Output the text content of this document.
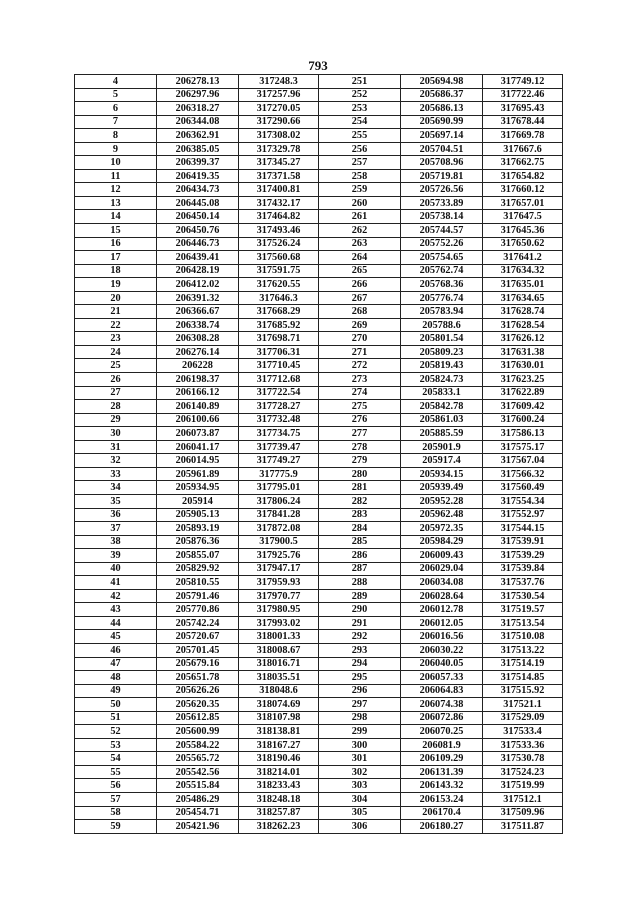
793
4	206278.13	317248.3	251	205694.98	317749.12
5	206297.96	317257.96	252	205686.37	317722.46
6	206318.27	317270.05	253	205686.13	317695.43
7	206344.08	317290.66	254	205690.99	317678.44
8	206362.91	317308.02	255	205697.14	317669.78
9	206385.05	317329.78	256	205704.51	317667.6
10	206399.37	317345.27	257	205708.96	317662.75
11	206419.35	317371.58	258	205719.81	317654.82
12	206434.73	317400.81	259	205726.56	317660.12
13	206445.08	317432.17	260	205733.89	317657.01
14	206450.14	317464.82	261	205738.14	317647.5
15	206450.76	317493.46	262	205744.57	317645.36
16	206446.73	317526.24	263	205752.26	317650.62
17	206439.41	317560.68	264	205754.65	317641.2
18	206428.19	317591.75	265	205762.74	317634.32
19	206412.02	317620.55	266	205768.36	317635.01
20	206391.32	317646.3	267	205776.74	317634.65
21	206366.67	317668.29	268	205783.94	317628.74
22	206338.74	317685.92	269	205788.6	317628.54
23	206308.28	317698.71	270	205801.54	317626.12
24	206276.14	317706.31	271	205809.23	317631.38
25	206228	317710.45	272	205819.43	317630.01
26	206198.37	317712.68	273	205824.73	317623.25
27	206166.12	317722.54	274	205833.1	317622.89
28	206140.89	317728.27	275	205842.78	317609.42
29	206100.66	317732.48	276	205861.03	317600.24
30	206073.87	317734.75	277	205885.59	317586.13
31	206041.17	317739.47	278	205901.9	317575.17
32	206014.95	317749.27	279	205917.4	317567.04
33	205961.89	317775.9	280	205934.15	317566.32
34	205934.95	317795.01	281	205939.49	317560.49
35	205914	317806.24	282	205952.28	317554.34
36	205905.13	317841.28	283	205962.48	317552.97
37	205893.19	317872.08	284	205972.35	317544.15
38	205876.36	317900.5	285	205984.29	317539.91
39	205855.07	317925.76	286	206009.43	317539.29
40	205829.92	317947.17	287	206029.04	317539.84
41	205810.55	317959.93	288	206034.08	317537.76
42	205791.46	317970.77	289	206028.64	317530.54
43	205770.86	317980.95	290	206012.78	317519.57
44	205742.24	317993.02	291	206012.05	317513.54
45	205720.67	318001.33	292	206016.56	317510.08
46	205701.45	318008.67	293	206030.22	317513.22
47	205679.16	318016.71	294	206040.05	317514.19
48	205651.78	318035.51	295	206057.33	317514.85
49	205626.26	318048.6	296	206064.83	317515.92
50	205620.35	318074.69	297	206074.38	317521.1
51	205612.85	318107.98	298	206072.86	317529.09
52	205600.99	318138.81	299	206070.25	317533.4
53	205584.22	318167.27	300	206081.9	317533.36
54	205565.72	318190.46	301	206109.29	317530.78
55	205542.56	318214.01	302	206131.39	317524.23
56	205515.84	318233.43	303	206143.32	317519.99
57	205486.29	318248.18	304	206153.24	317512.1
58	205454.71	318257.87	305	206170.4	317509.96
59	205421.96	318262.23	306	206180.27	317511.87
